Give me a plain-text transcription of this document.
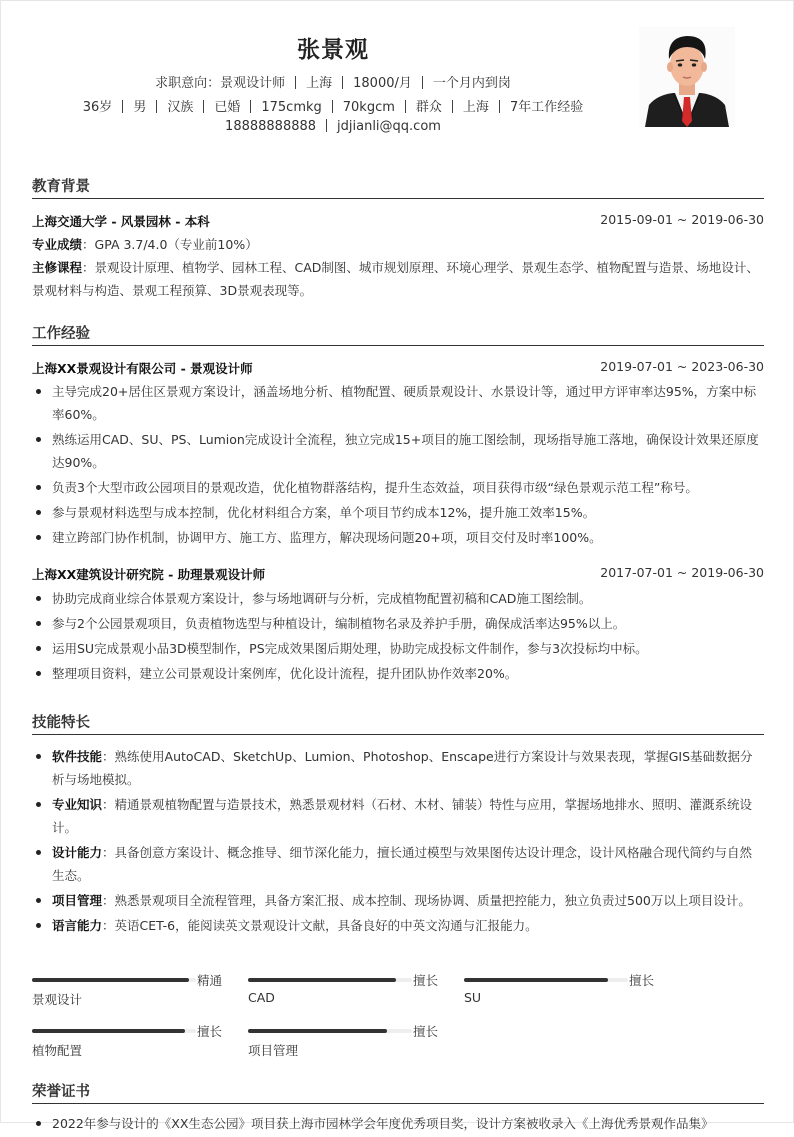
张景观
求职意向：景观设计师 上海 18000/月 一个月内到岗
36岁 男 汉族 已婚 175cmkg 70kgcm 群众 上海 7年工作经验
18888888888 jdjianli@qq.com
教育背景
上海交通大学 - 风景园林 - 本科	2015-09-01 ~ 2019-06-30
专业成绩：GPA 3.7/4.0（专业前10%）
主修课程：景观设计原理、植物学、园林工程、CAD制图、城市规划原理、环境心理学、景观生态学、植物配置与造景、场地设计、景观材料与构造、景观工程预算、3D景观表现等。
工作经验
上海XX景观设计有限公司 - 景观设计师	2019-07-01 ~ 2023-06-30
主导完成20+居住区景观方案设计，涵盖场地分析、植物配置、硬质景观设计、水景设计等，通过甲方评审率达95%，方案中标率60%。
熟练运用CAD、SU、PS、Lumion完成设计全流程，独立完成15+项目的施工图绘制，现场指导施工落地，确保设计效果还原度达90%。
负责3个大型市政公园项目的景观改造，优化植物群落结构，提升生态效益，项目获得市级“绿色景观示范工程”称号。
参与景观材料选型与成本控制，优化材料组合方案，单个项目节约成本12%，提升施工效率15%。
建立跨部门协作机制，协调甲方、施工方、监理方，解决现场问题20+项，项目交付及时率100%。
上海XX建筑设计研究院 - 助理景观设计师	2017-07-01 ~ 2019-06-30
协助完成商业综合体景观方案设计，参与场地调研与分析，完成植物配置初稿和CAD施工图绘制。
参与2个公园景观项目，负责植物选型与种植设计，编制植物名录及养护手册，确保成活率达95%以上。
运用SU完成景观小品3D模型制作，PS完成效果图后期处理，协助完成投标文件制作，参与3次投标均中标。
整理项目资料，建立公司景观设计案例库，优化设计流程，提升团队协作效率20%。
技能特长
软件技能：熟练使用AutoCAD、SketchUp、Lumion、Photoshop、Enscape进行方案设计与效果表现，掌握GIS基础数据分析与场地模拟。
专业知识：精通景观植物配置与造景技术，熟悉景观材料（石材、木材、铺装）特性与应用，掌握场地排水、照明、灌溉系统设计。
设计能力：具备创意方案设计、概念推导、细节深化能力，擅长通过模型与效果图传达设计理念，设计风格融合现代简约与自然生态。
项目管理：熟悉景观项目全流程管理，具备方案汇报、成本控制、现场协调、质量把控能力，独立负责过500万以上项目设计。
语言能力：英语CET-6，能阅读英文景观设计文献，具备良好的中英文沟通与汇报能力。
精通
景观设计
擅长
CAD
擅长
SU
擅长
植物配置
擅长
项目管理
荣誉证书
2022年参与设计的《XX生态公园》项目获上海市园林学会年度优秀项目奖，设计方案被收录入《上海优秀景观作品集》
